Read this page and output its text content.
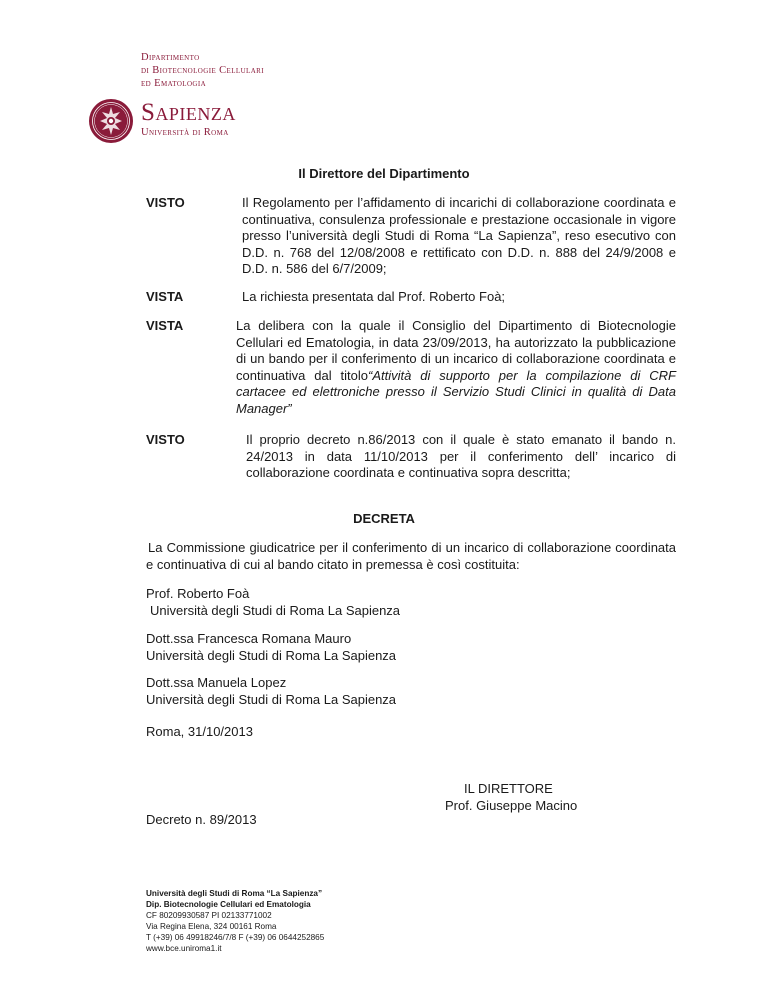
Dipartimento
di Biotecnologie Cellulari
ed Ematologia
Sapienza
Università di Roma
Il Direttore del Dipartimento
VISTO	Il Regolamento per l’affidamento di incarichi di collaborazione coordinata e continuativa, consulenza professionale e prestazione occasionale in vigore presso l’università degli Studi di Roma “La Sapienza”, reso esecutivo con D.D. n. 768 del 12/08/2008 e rettificato con D.D. n. 888 del 24/9/2008 e D.D. n. 586 del 6/7/2009;
VISTA	La richiesta presentata dal Prof. Roberto Foà;
VISTA	La delibera con la quale il Consiglio del Dipartimento di Biotecnologie Cellulari ed Ematologia, in data 23/09/2013, ha autorizzato la pubblicazione di un bando per il conferimento di un incarico di collaborazione coordinata e continuativa dal titolo“Attività di supporto per la compilazione di CRF cartacee ed elettroniche presso il Servizio Studi Clinici in qualità di Data Manager”
VISTO	Il proprio decreto n.86/2013 con il quale è stato emanato il bando n. 24/2013 in data 11/10/2013 per il conferimento dell’ incarico di collaborazione coordinata e continuativa sopra descritta;
DECRETA
La Commissione giudicatrice per il conferimento di un incarico di collaborazione coordinata e continuativa di cui al bando citato in premessa è così costituita:
Prof. Roberto Foà
Università degli Studi di Roma La Sapienza
Dott.ssa Francesca Romana Mauro
Università degli Studi di Roma La Sapienza
Dott.ssa Manuela Lopez
Università degli Studi di Roma La Sapienza
Roma, 31/10/2013
IL DIRETTORE
Prof. Giuseppe Macino
Decreto n. 89/2013
Università degli Studi di Roma “La Sapienza”
Dip. Biotecnologie Cellulari ed Ematologia
CF 80209930587 PI 02133771002
Via Regina Elena, 324 00161 Roma
T (+39) 06 49918246/7/8 F (+39) 06 0644252865
www.bce.uniroma1.it
